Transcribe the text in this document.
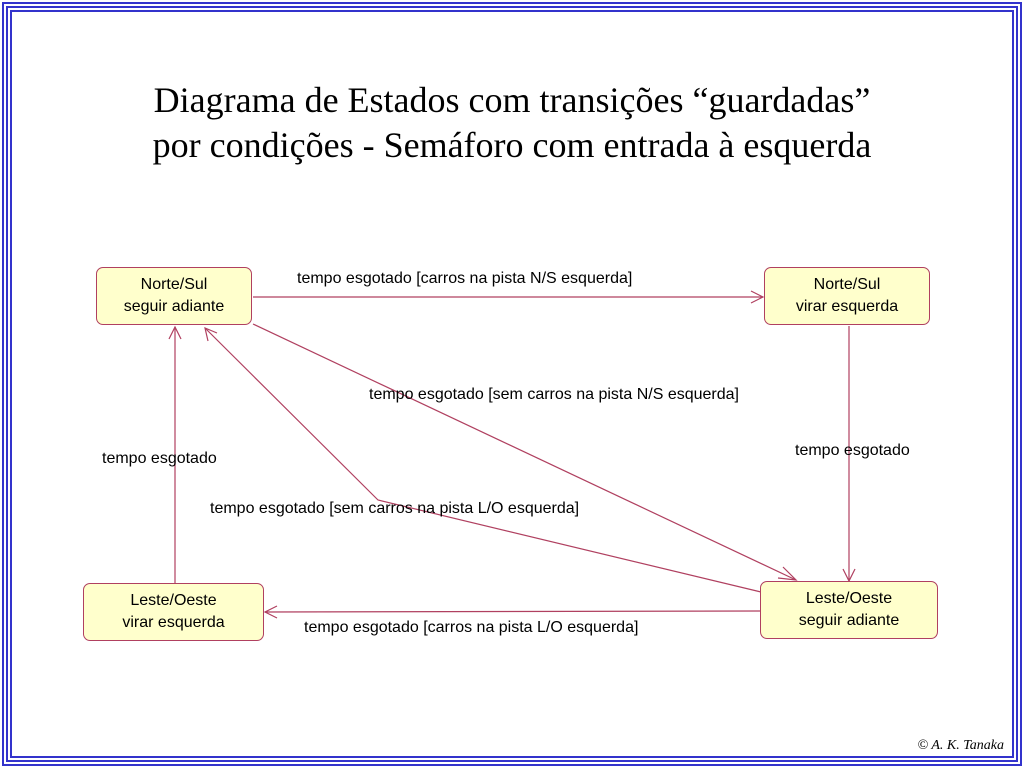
Diagrama de Estados com transições “guardadas”
por condições - Semáforo com entrada à esquerda
Norte/Sul
seguir adiante
Norte/Sul
virar esquerda
Leste/Oeste
virar esquerda
Leste/Oeste
seguir adiante
tempo esgotado [carros na pista N/S esquerda]
tempo esgotado [sem carros na pista N/S esquerda]
tempo esgotado
tempo esgotado
tempo esgotado [sem carros na pista L/O esquerda]
tempo esgotado [carros na pista L/O esquerda]
© A. K. Tanaka
